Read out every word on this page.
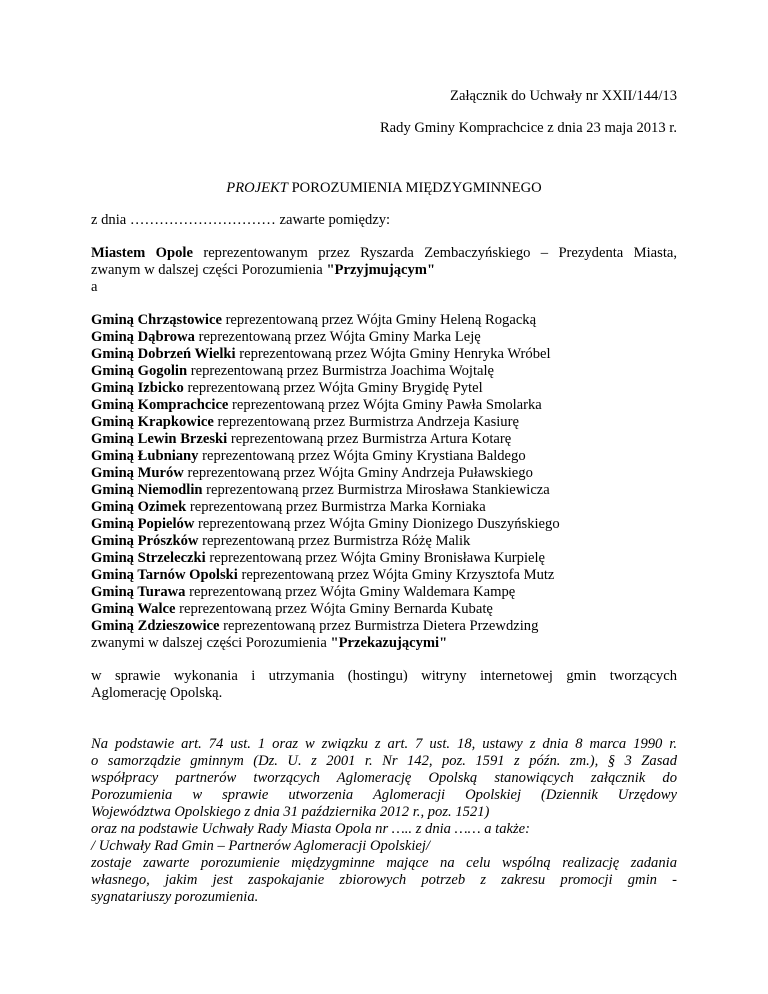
Załącznik do Uchwały nr XXII/144/13
Rady Gminy Komprachcice z dnia 23 maja 2013 r.
PROJEKT POROZUMIENIA MIĘDZYGMINNEGO
z dnia ………………………… zawarte pomiędzy:
Miastem Opole reprezentowanym przez Ryszarda Zembaczyńskiego – Prezydenta Miasta,
zwanym w dalszej części Porozumienia "Przyjmującym"
a
Gminą Chrząstowice reprezentowaną przez Wójta Gminy Heleną Rogacką
Gminą Dąbrowa reprezentowaną przez Wójta Gminy Marka Leję
Gminą Dobrzeń Wielki reprezentowaną przez Wójta Gminy Henryka Wróbel
Gminą Gogolin reprezentowaną przez Burmistrza Joachima Wojtalę
Gminą Izbicko reprezentowaną przez Wójta Gminy Brygidę Pytel
Gminą Komprachcice reprezentowaną przez Wójta Gminy Pawła Smolarka
Gminą Krapkowice reprezentowaną przez Burmistrza Andrzeja Kasiurę
Gminą Lewin Brzeski reprezentowaną przez Burmistrza Artura Kotarę
Gminą Łubniany reprezentowaną przez Wójta Gminy Krystiana Baldego
Gminą Murów reprezentowaną przez Wójta Gminy Andrzeja Puławskiego
Gminą Niemodlin reprezentowaną przez Burmistrza Mirosława Stankiewicza
Gminą Ozimek reprezentowaną przez Burmistrza Marka Korniaka
Gminą Popielów reprezentowaną przez Wójta Gminy Dionizego Duszyńskiego
Gminą Prószków reprezentowaną przez Burmistrza Różę Malik
Gminą Strzeleczki reprezentowaną przez Wójta Gminy Bronisława Kurpielę
Gminą Tarnów Opolski reprezentowaną przez Wójta Gminy Krzysztofa Mutz
Gminą Turawa reprezentowaną przez Wójta Gminy Waldemara Kampę
Gminą Walce reprezentowaną przez Wójta Gminy Bernarda Kubatę
Gminą Zdzieszowice reprezentowaną przez Burmistrza Dietera Przewdzing
zwanymi w dalszej części Porozumienia "Przekazującymi"
w sprawie wykonania i utrzymania (hostingu) witryny internetowej gmin tworzących
Aglomerację Opolską.
Na podstawie art. 74 ust. 1 oraz w związku z art. 7 ust. 18, ustawy z dnia 8 marca 1990 r.
o samorządzie gminnym (Dz. U. z 2001 r. Nr 142, poz. 1591 z późn. zm.), § 3 Zasad
współpracy partnerów tworzących Aglomerację Opolską stanowiących załącznik do
Porozumienia w sprawie utworzenia Aglomeracji Opolskiej (Dziennik Urzędowy
Województwa Opolskiego z dnia 31 października 2012 r., poz. 1521)
oraz na podstawie Uchwały Rady Miasta Opola nr ….. z dnia …… a także:
/ Uchwały Rad Gmin – Partnerów Aglomeracji Opolskiej/
zostaje zawarte porozumienie międzygminne mające na celu wspólną realizację zadania
własnego, jakim jest zaspokajanie zbiorowych potrzeb z zakresu promocji gmin -
sygnatariuszy porozumienia.
